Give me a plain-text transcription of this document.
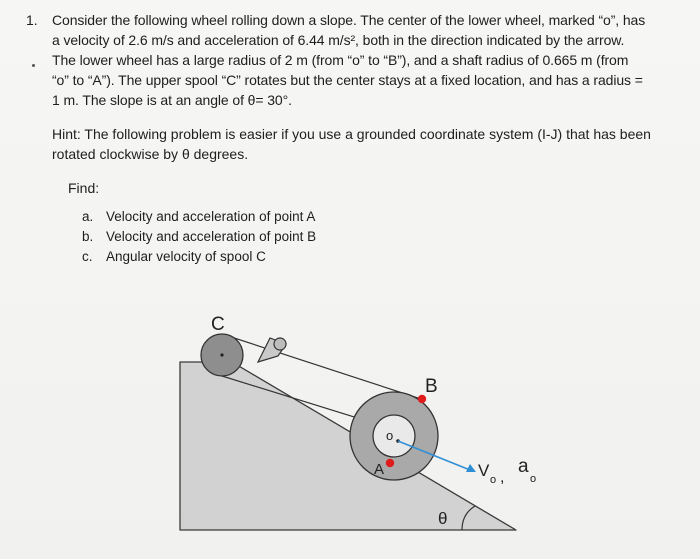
1. Consider the following wheel rolling down a slope. The center of the lower wheel, marked “o”, has
a velocity of 2.6 m/s and acceleration of 6.44 m/s², both in the direction indicated by the arrow.
The lower wheel has a large radius of 2 m (from “o” to “B”), and a shaft radius of 0.665 m (from
“o” to “A”). The upper spool “C” rotates but the center stays at a fixed location, and has a radius =
1 m. The slope is at an angle of θ= 30°.
Hint: The following problem is easier if you use a grounded coordinate system (I-J) that has been
rotated clockwise by θ degrees.
Find:
a. Velocity and acceleration of point A
b. Velocity and acceleration of point B
c. Angular velocity of spool C
C
B
o
A	V o ,
a
o
θ
